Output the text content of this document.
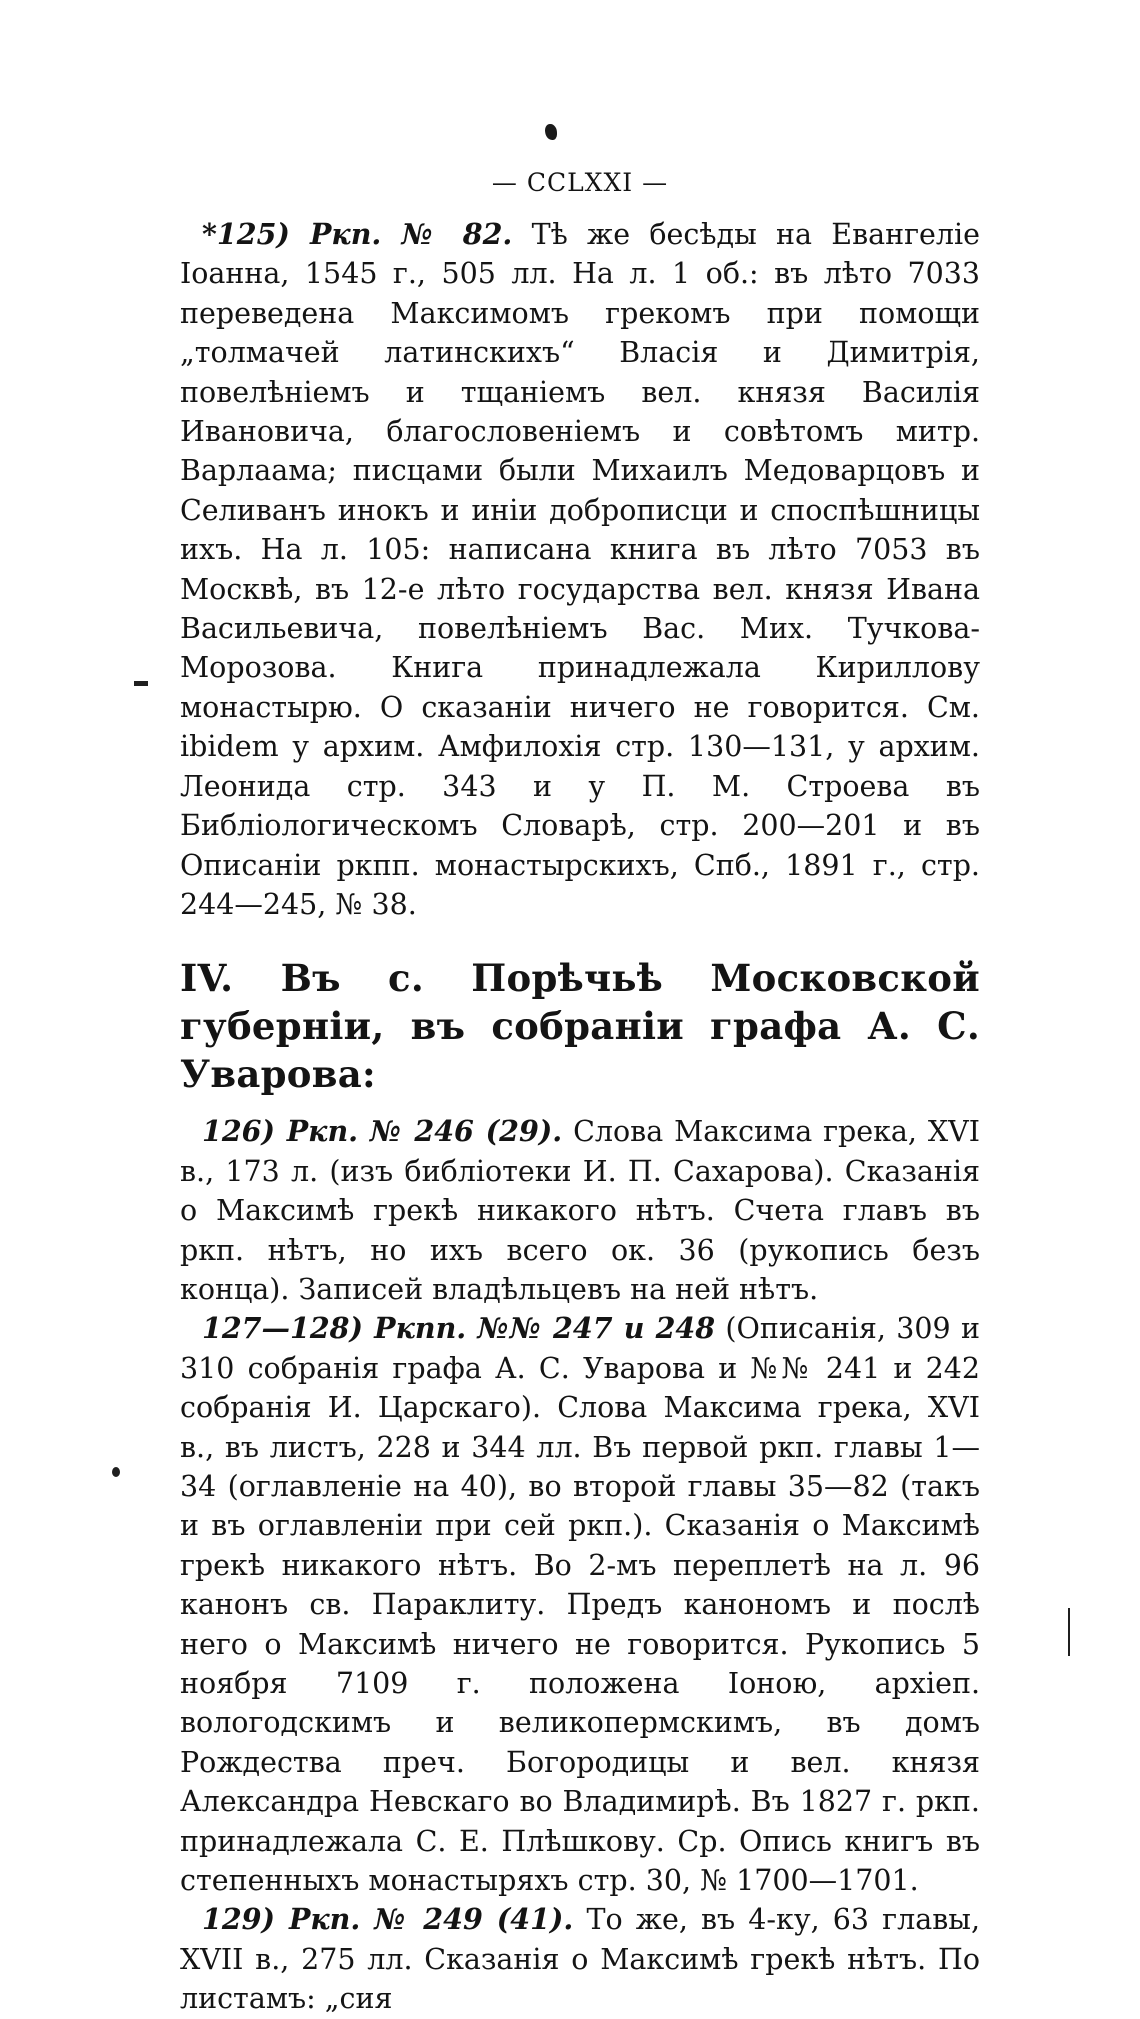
— CCLXXI —

*125) Ркп. № 82. Тѣ же бесѣды на Евангеліе Іоанна, 1545 г., 505 лл. На л. 1 об.: въ лѣто 7033 переведена Максимомъ грекомъ при помощи „толмачей латинскихъ“ Власія и Димитрія, повелѣніемъ и тщаніемъ вел. князя Василія Ивановича, благословеніемъ и совѣтомъ митр. Варлаама; писцами были Михаилъ Медоварцовъ и Селиванъ инокъ и иніи доброписци и споспѣшницы ихъ. На л. 105: написана книга въ лѣто 7053 въ Москвѣ, въ 12-е лѣто государства вел. князя Ивана Васильевича, повелѣніемъ Вас. Мих. Тучкова-Морозова. Книга принадлежала Кириллову монастырю. О сказаніи ничего не говорится. См. ibidem у архим. Амфилохія стр. 130—131, у архим. Леонида стр. 343 и у П. М. Строева въ Библіологическомъ Словарѣ, стр. 200—201 и въ Описаніи ркпп. монастырскихъ, Спб., 1891 г., стр. 244—245, № 38.

IV. Въ с. Порѣчьѣ Московской губерніи, въ собраніи графа А. С. Уварова:

126) Ркп. № 246 (29). Слова Максима грека, XVI в., 173 л. (изъ библіотеки И. П. Сахарова). Сказанія о Максимѣ грекѣ никакого нѣтъ. Счета главъ въ ркп. нѣтъ, но ихъ всего ок. 36 (рукопись безъ конца). Записей владѣльцевъ на ней нѣтъ.

127—128) Ркпп. №№ 247 и 248 (Описанія, 309 и 310 собранія графа А. С. Уварова и №№ 241 и 242 собранія И. Царскаго). Слова Максима грека, XVI в., въ листъ, 228 и 344 лл. Въ первой ркп. главы 1—34 (оглавленіе на 40), во второй главы 35—82 (такъ и въ оглавленіи при сей ркп.). Сказанія о Максимѣ грекѣ никакого нѣтъ. Во 2-мъ переплетѣ на л. 96 канонъ св. Параклиту. Предъ канономъ и послѣ него о Максимѣ ничего не говорится. Рукопись 5 ноября 7109 г. положена Іоною, архіеп. вологодскимъ и великопермскимъ, въ домъ Рождества преч. Богородицы и вел. князя Александра Невскаго во Владимирѣ. Въ 1827 г. ркп. принадлежала С. Е. Плѣшкову. Ср. Опись книгъ въ степенныхъ монастыряхъ стр. 30, № 1700—1701.

129) Ркп. № 249 (41). То же, въ 4-ку, 63 главы, XVII в., 275 лл. Сказанія о Максимѣ грекѣ нѣтъ. По листамъ: „сия
